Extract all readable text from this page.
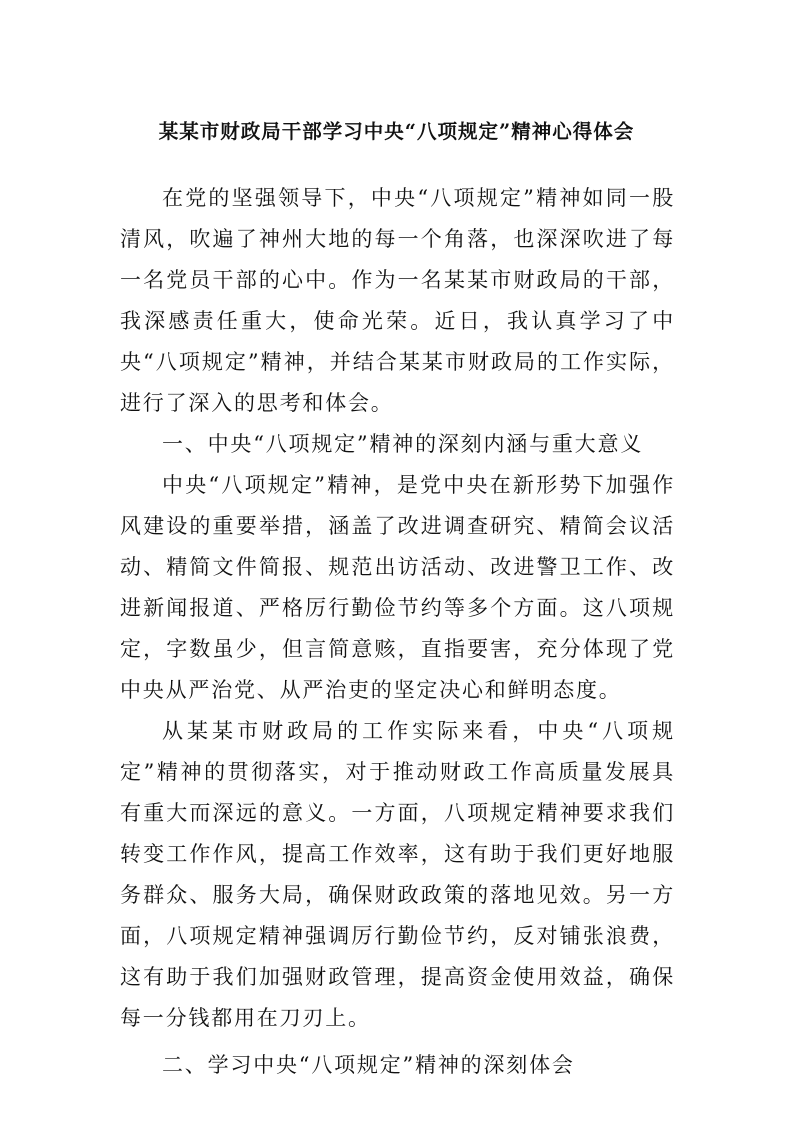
某某市财政局干部学习中央“八项规定”精神心得体会

在党的坚强领导下，中央“八项规定”精神如同一股清风，吹遍了神州大地的每一个角落，也深深吹进了每一名党员干部的心中。作为一名某某市财政局的干部，我深感责任重大，使命光荣。近日，我认真学习了中央“八项规定”精神，并结合某某市财政局的工作实际，进行了深入的思考和体会。

一、中央“八项规定”精神的深刻内涵与重大意义

中央“八项规定”精神，是党中央在新形势下加强作风建设的重要举措，涵盖了改进调查研究、精简会议活动、精简文件简报、规范出访活动、改进警卫工作、改进新闻报道、严格厉行勤俭节约等多个方面。这八项规定，字数虽少，但言简意赅，直指要害，充分体现了党中央从严治党、从严治吏的坚定决心和鲜明态度。

从某某市财政局的工作实际来看，中央“八项规定”精神的贯彻落实，对于推动财政工作高质量发展具有重大而深远的意义。一方面，八项规定精神要求我们转变工作作风，提高工作效率，这有助于我们更好地服务群众、服务大局，确保财政政策的落地见效。另一方面，八项规定精神强调厉行勤俭节约，反对铺张浪费，这有助于我们加强财政管理，提高资金使用效益，确保每一分钱都用在刀刃上。

二、学习中央“八项规定”精神的深刻体会
